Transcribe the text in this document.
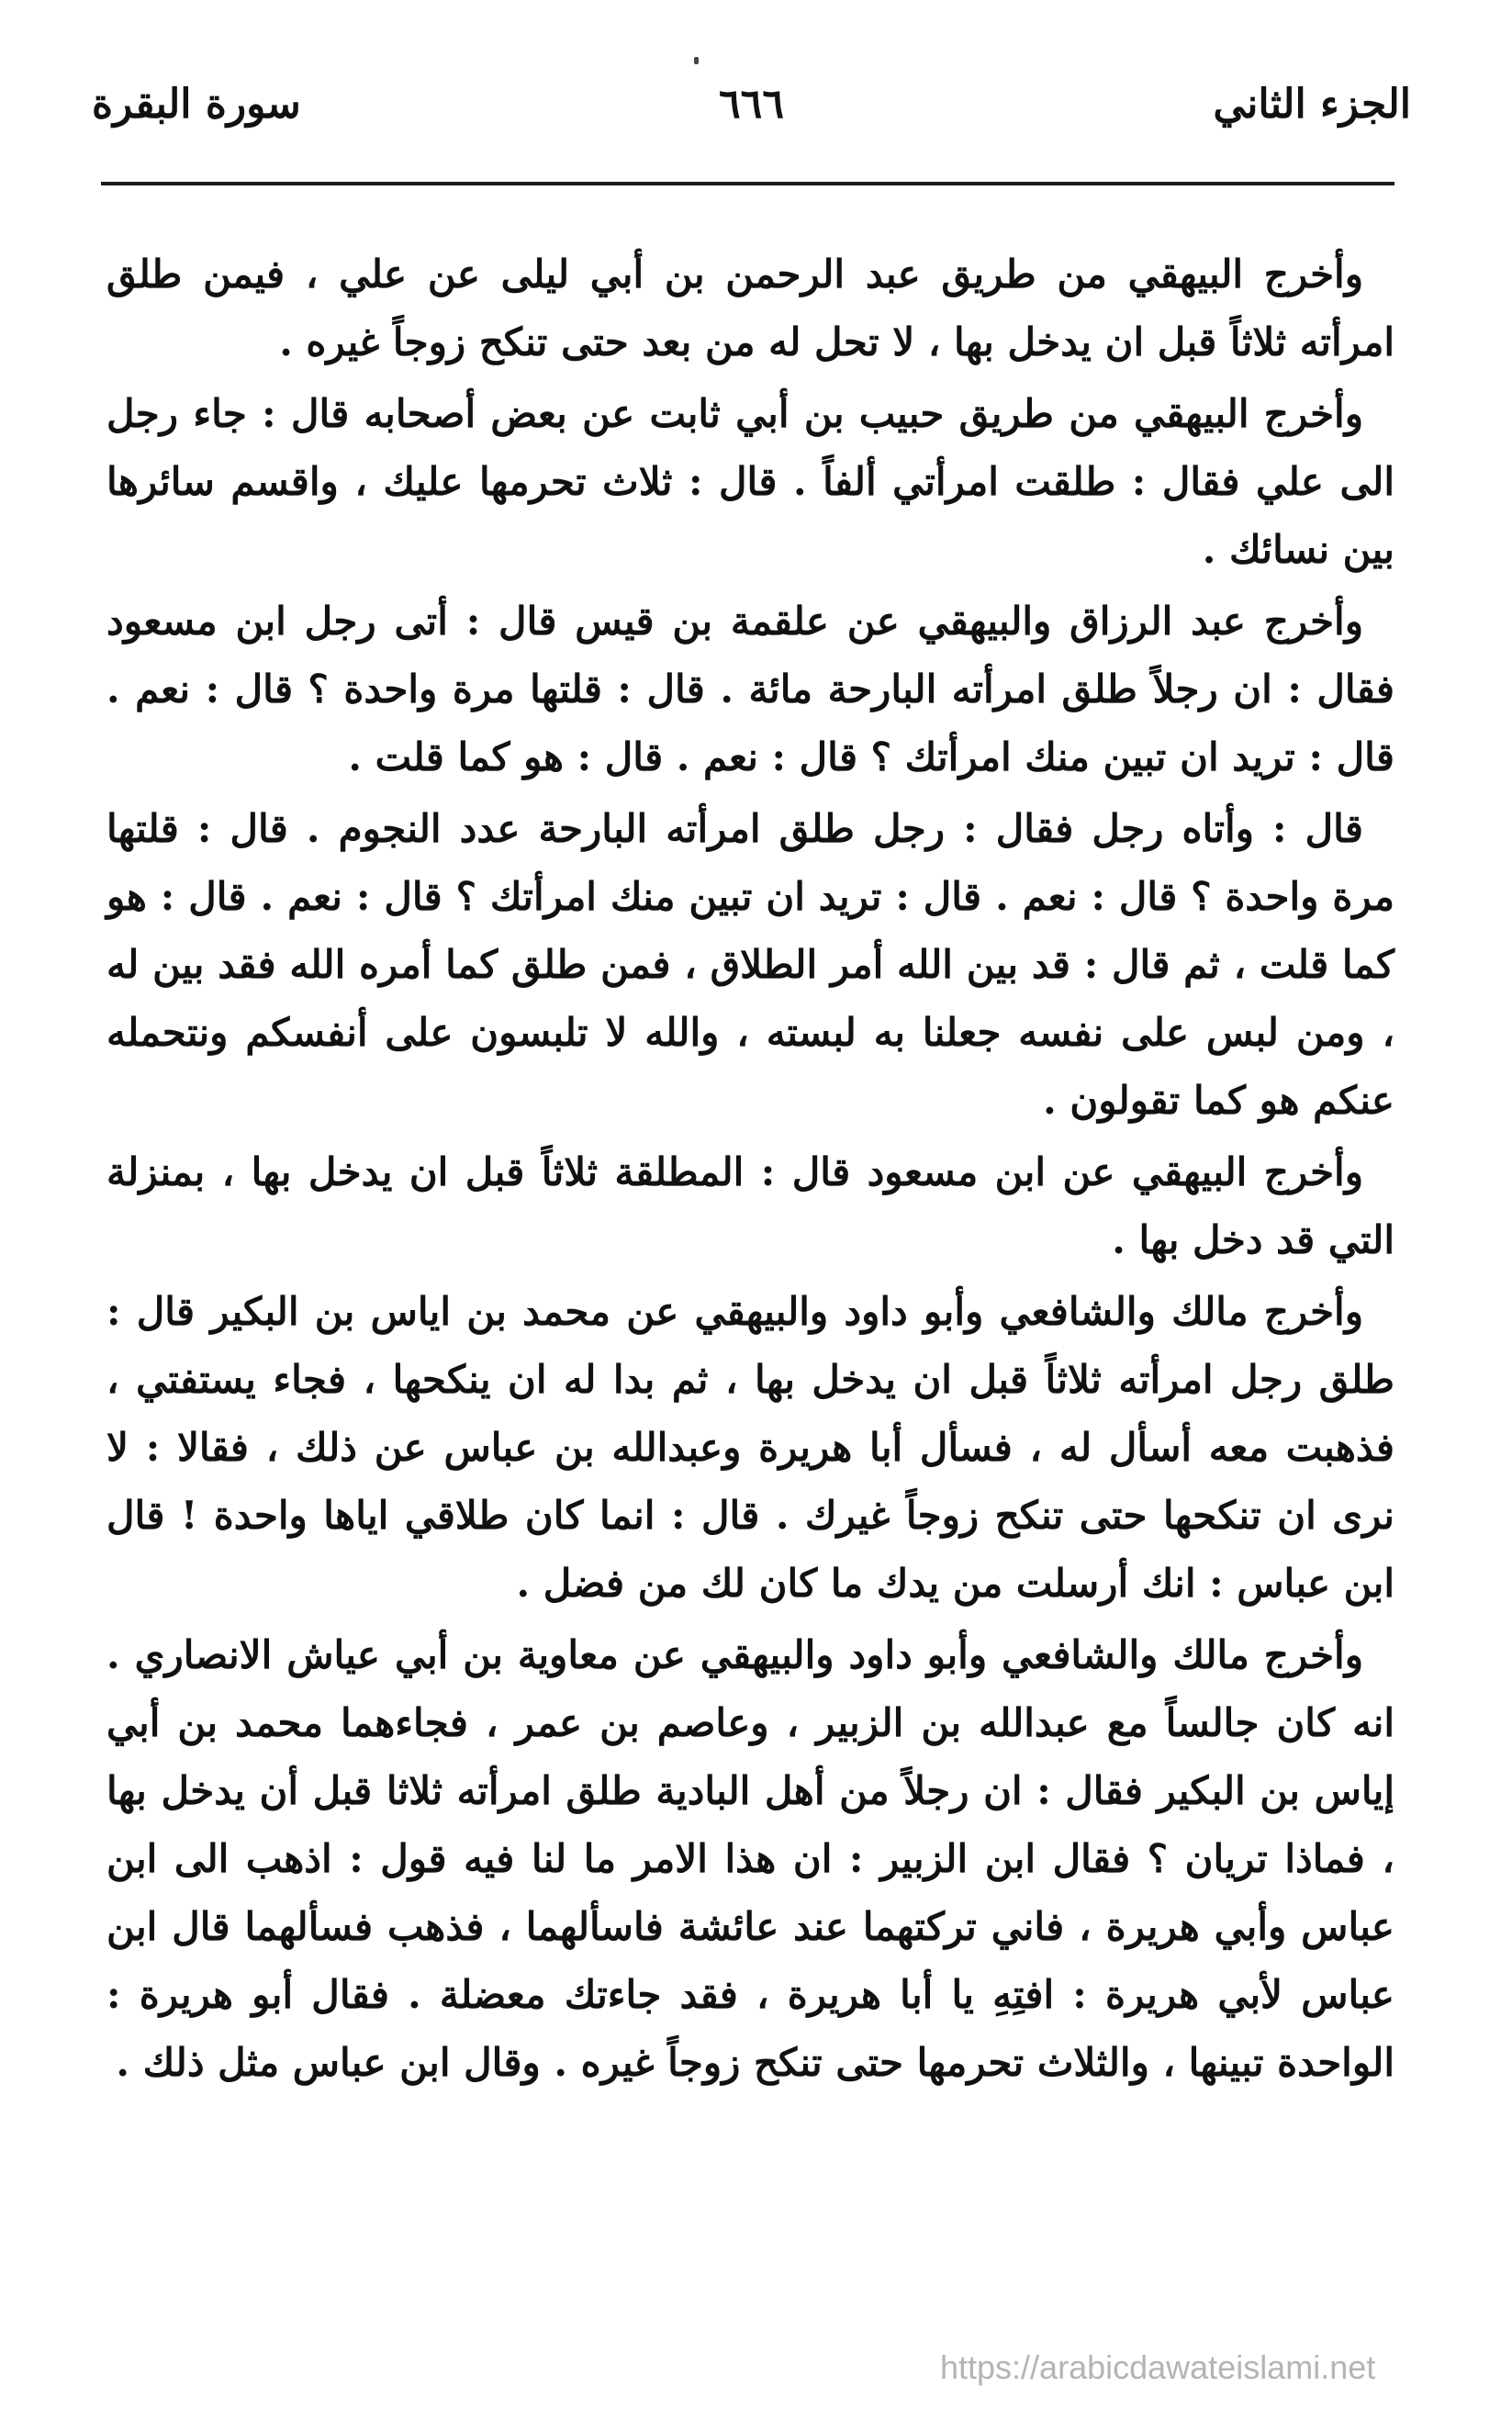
الجزء الثاني
٦٦٦
سورة البقرة

وأخرج البيهقي من طريق عبد الرحمن بن أبي ليلى عن علي ، فيمن طلق امرأته ثلاثاً قبل ان يدخل بها ، لا تحل له من بعد حتى تنكح زوجاً غيره .

وأخرج البيهقي من طريق حبيب بن أبي ثابت عن بعض أصحابه قال : جاء رجل الى علي فقال : طلقت امرأتي ألفاً . قال : ثلاث تحرمها عليك ، واقسم سائرها بين نسائك .

وأخرج عبد الرزاق والبيهقي عن علقمة بن قيس قال : أتى رجل ابن مسعود فقال : ان رجلاً طلق امرأته البارحة مائة . قال : قلتها مرة واحدة ؟ قال : نعم . قال : تريد ان تبين منك امرأتك ؟ قال : نعم . قال : هو كما قلت .

قال : وأتاه رجل فقال : رجل طلق امرأته البارحة عدد النجوم . قال : قلتها مرة واحدة ؟ قال : نعم . قال : تريد ان تبين منك امرأتك ؟ قال : نعم . قال : هو كما قلت ، ثم قال : قد بين الله أمر الطلاق ، فمن طلق كما أمره الله فقد بين له ، ومن لبس على نفسه جعلنا به لبسته ، والله لا تلبسون على أنفسكم ونتحمله عنكم هو كما تقولون .

وأخرج البيهقي عن ابن مسعود قال : المطلقة ثلاثاً قبل ان يدخل بها ، بمنزلة التي قد دخل بها .

وأخرج مالك والشافعي وأبو داود والبيهقي عن محمد بن اياس بن البكير قال : طلق رجل امرأته ثلاثاً قبل ان يدخل بها ، ثم بدا له ان ينكحها ، فجاء يستفتي ، فذهبت معه أسأل له ، فسأل أبا هريرة وعبدالله بن عباس عن ذلك ، فقالا : لا نرى ان تنكحها حتى تنكح زوجاً غيرك . قال : انما كان طلاقي اياها واحدة ! قال ابن عباس : انك أرسلت من يدك ما كان لك من فضل .

وأخرج مالك والشافعي وأبو داود والبيهقي عن معاوية بن أبي عياش الانصاري . انه كان جالساً مع عبدالله بن الزبير ، وعاصم بن عمر ، فجاءهما محمد بن أبي إياس بن البكير فقال : ان رجلاً من أهل البادية طلق امرأته ثلاثا قبل أن يدخل بها ، فماذا تريان ؟ فقال ابن الزبير : ان هذا الامر ما لنا فيه قول : اذهب الى ابن عباس وأبي هريرة ، فاني تركتهما عند عائشة فاسألهما ، فذهب فسألهما قال ابن عباس لأبي هريرة : افتِهِ يا أبا هريرة ، فقد جاءتك معضلة . فقال أبو هريرة : الواحدة تبينها ، والثلاث تحرمها حتى تنكح زوجاً غيره . وقال ابن عباس مثل ذلك .

https://arabicdawateislami.net
